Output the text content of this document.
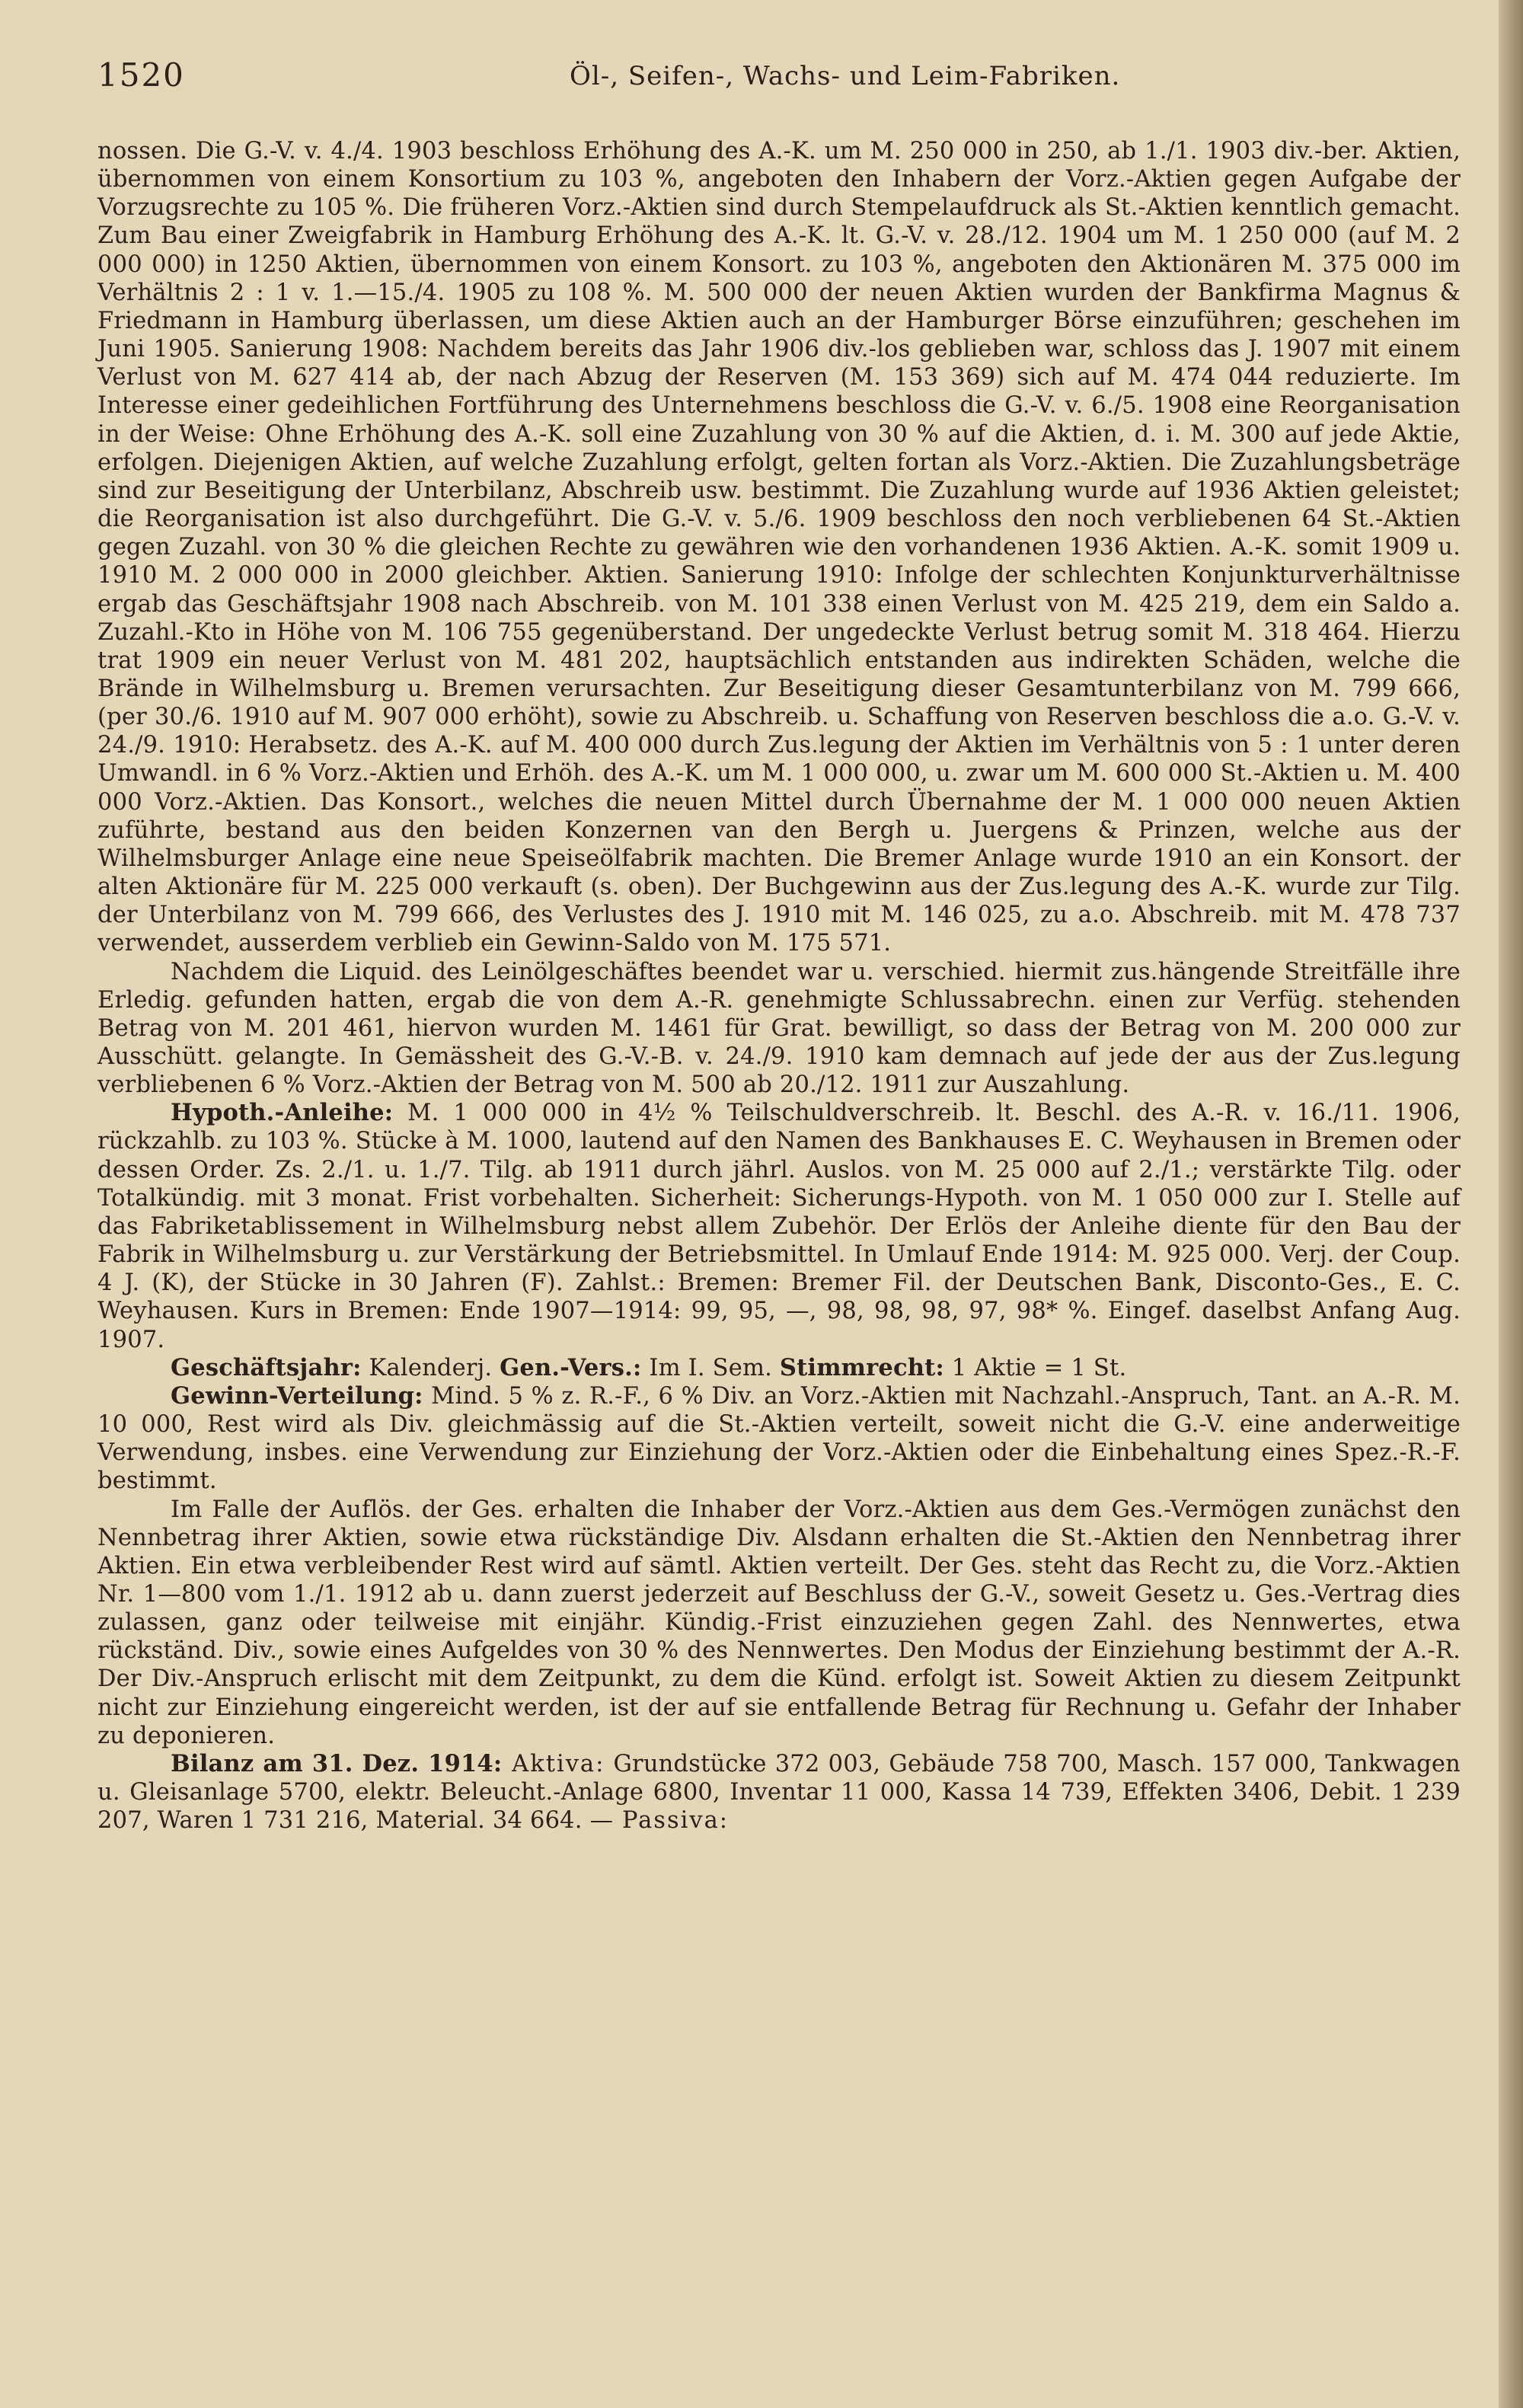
1520	Öl-, Seifen-, Wachs- und Leim-Fabriken.

nossen. Die G.-V. v. 4./4. 1903 beschloss Erhöhung des A.-K. um M. 250 000 in 250, ab 1./1. 1903 div.-ber. Aktien, übernommen von einem Konsortium zu 103 %, angeboten den Inhabern der Vorz.-Aktien gegen Aufgabe der Vorzugsrechte zu 105 %. Die früheren Vorz.-Aktien sind durch Stempelaufdruck als St.-Aktien kenntlich gemacht. Zum Bau einer Zweigfabrik in Hamburg Erhöhung des A.-K. lt. G.-V. v. 28./12. 1904 um M. 1 250 000 (auf M. 2 000 000) in 1250 Aktien, übernommen von einem Konsort. zu 103 %, angeboten den Aktionären M. 375 000 im Verhältnis 2 : 1 v. 1.—15./4. 1905 zu 108 %. M. 500 000 der neuen Aktien wurden der Bankfirma Magnus & Friedmann in Hamburg überlassen, um diese Aktien auch an der Hamburger Börse einzuführen; geschehen im Juni 1905. Sanierung 1908: Nachdem bereits das Jahr 1906 div.-los geblieben war, schloss das J. 1907 mit einem Verlust von M. 627 414 ab, der nach Abzug der Reserven (M. 153 369) sich auf M. 474 044 reduzierte. Im Interesse einer gedeihlichen Fortführung des Unternehmens beschloss die G.-V. v. 6./5. 1908 eine Reorganisation in der Weise: Ohne Erhöhung des A.-K. soll eine Zuzahlung von 30 % auf die Aktien, d. i. M. 300 auf jede Aktie, erfolgen. Diejenigen Aktien, auf welche Zuzahlung erfolgt, gelten fortan als Vorz.-Aktien. Die Zuzahlungsbeträge sind zur Beseitigung der Unterbilanz, Abschreib usw. bestimmt. Die Zuzahlung wurde auf 1936 Aktien geleistet; die Reorganisation ist also durchgeführt. Die G.-V. v. 5./6. 1909 beschloss den noch verbliebenen 64 St.-Aktien gegen Zuzahl. von 30 % die gleichen Rechte zu gewähren wie den vorhandenen 1936 Aktien. A.-K. somit 1909 u. 1910 M. 2 000 000 in 2000 gleichber. Aktien. Sanierung 1910: Infolge der schlechten Konjunkturverhältnisse ergab das Geschäftsjahr 1908 nach Abschreib. von M. 101 338 einen Verlust von M. 425 219, dem ein Saldo a. Zuzahl.-Kto in Höhe von M. 106 755 gegenüberstand. Der ungedeckte Verlust betrug somit M. 318 464. Hierzu trat 1909 ein neuer Verlust von M. 481 202, hauptsächlich entstanden aus indirekten Schäden, welche die Brände in Wilhelmsburg u. Bremen verursachten. Zur Beseitigung dieser Gesamtunterbilanz von M. 799 666, (per 30./6. 1910 auf M. 907 000 erhöht), sowie zu Abschreib. u. Schaffung von Reserven beschloss die a.o. G.-V. v. 24./9. 1910: Herabsetz. des A.-K. auf M. 400 000 durch Zus.legung der Aktien im Verhältnis von 5 : 1 unter deren Umwandl. in 6 % Vorz.-Aktien und Erhöh. des A.-K. um M. 1 000 000, u. zwar um M. 600 000 St.-Aktien u. M. 400 000 Vorz.-Aktien. Das Konsort., welches die neuen Mittel durch Übernahme der M. 1 000 000 neuen Aktien zuführte, bestand aus den beiden Konzernen van den Bergh u. Juergens & Prinzen, welche aus der Wilhelmsburger Anlage eine neue Speiseölfabrik machten. Die Bremer Anlage wurde 1910 an ein Konsort. der alten Aktionäre für M. 225 000 verkauft (s. oben). Der Buchgewinn aus der Zus.legung des A.-K. wurde zur Tilg. der Unterbilanz von M. 799 666, des Verlustes des J. 1910 mit M. 146 025, zu a.o. Abschreib. mit M. 478 737 verwendet, ausserdem verblieb ein Gewinn-Saldo von M. 175 571.

Nachdem die Liquid. des Leinölgeschäftes beendet war u. verschied. hiermit zus.hängende Streitfälle ihre Erledig. gefunden hatten, ergab die von dem A.-R. genehmigte Schlussabrechn. einen zur Verfüg. stehenden Betrag von M. 201 461, hiervon wurden M. 1461 für Grat. bewilligt, so dass der Betrag von M. 200 000 zur Ausschütt. gelangte. In Gemässheit des G.-V.-B. v. 24./9. 1910 kam demnach auf jede der aus der Zus.legung verbliebenen 6 % Vorz.-Aktien der Betrag von M. 500 ab 20./12. 1911 zur Auszahlung.

Hypoth.-Anleihe: M. 1 000 000 in 4½ % Teilschuldverschreib. lt. Beschl. des A.-R. v. 16./11. 1906, rückzahlb. zu 103 %. Stücke à M. 1000, lautend auf den Namen des Bankhauses E. C. Weyhausen in Bremen oder dessen Order. Zs. 2./1. u. 1./7. Tilg. ab 1911 durch jährl. Auslos. von M. 25 000 auf 2./1.; verstärkte Tilg. oder Totalkündig. mit 3 monat. Frist vorbehalten. Sicherheit: Sicherungs-Hypoth. von M. 1 050 000 zur I. Stelle auf das Fabriketablissement in Wilhelmsburg nebst allem Zubehör. Der Erlös der Anleihe diente für den Bau der Fabrik in Wilhelmsburg u. zur Verstärkung der Betriebsmittel. In Umlauf Ende 1914: M. 925 000. Verj. der Coup. 4 J. (K), der Stücke in 30 Jahren (F). Zahlst.: Bremen: Bremer Fil. der Deutschen Bank, Disconto-Ges., E. C. Weyhausen. Kurs in Bremen: Ende 1907—1914: 99, 95, —, 98, 98, 98, 97, 98* %. Eingef. daselbst Anfang Aug. 1907.

Geschäftsjahr: Kalenderj. Gen.-Vers.: Im I. Sem. Stimmrecht: 1 Aktie = 1 St.

Gewinn-Verteilung: Mind. 5 % z. R.-F., 6 % Div. an Vorz.-Aktien mit Nachzahl.-Anspruch, Tant. an A.-R. M. 10 000, Rest wird als Div. gleichmässig auf die St.-Aktien verteilt, soweit nicht die G.-V. eine anderweitige Verwendung, insbes. eine Verwendung zur Einziehung der Vorz.-Aktien oder die Einbehaltung eines Spez.-R.-F. bestimmt.

Im Falle der Auflös. der Ges. erhalten die Inhaber der Vorz.-Aktien aus dem Ges.-Vermögen zunächst den Nennbetrag ihrer Aktien, sowie etwa rückständige Div. Alsdann erhalten die St.-Aktien den Nennbetrag ihrer Aktien. Ein etwa verbleibender Rest wird auf sämtl. Aktien verteilt. Der Ges. steht das Recht zu, die Vorz.-Aktien Nr. 1—800 vom 1./1. 1912 ab u. dann zuerst jederzeit auf Beschluss der G.-V., soweit Gesetz u. Ges.-Vertrag dies zulassen, ganz oder teilweise mit einjähr. Kündig.-Frist einzuziehen gegen Zahl. des Nennwertes, etwa rückständ. Div., sowie eines Aufgeldes von 30 % des Nennwertes. Den Modus der Einziehung bestimmt der A.-R. Der Div.-Anspruch erlischt mit dem Zeitpunkt, zu dem die Künd. erfolgt ist. Soweit Aktien zu diesem Zeitpunkt nicht zur Einziehung eingereicht werden, ist der auf sie entfallende Betrag für Rechnung u. Gefahr der Inhaber zu deponieren.

Bilanz am 31. Dez. 1914: Aktiva: Grundstücke 372 003, Gebäude 758 700, Masch. 157 000, Tankwagen u. Gleisanlage 5700, elektr. Beleucht.-Anlage 6800, Inventar 11 000, Kassa 14 739, Effekten 3406, Debit. 1 239 207, Waren 1 731 216, Material. 34 664. — Passiva:
